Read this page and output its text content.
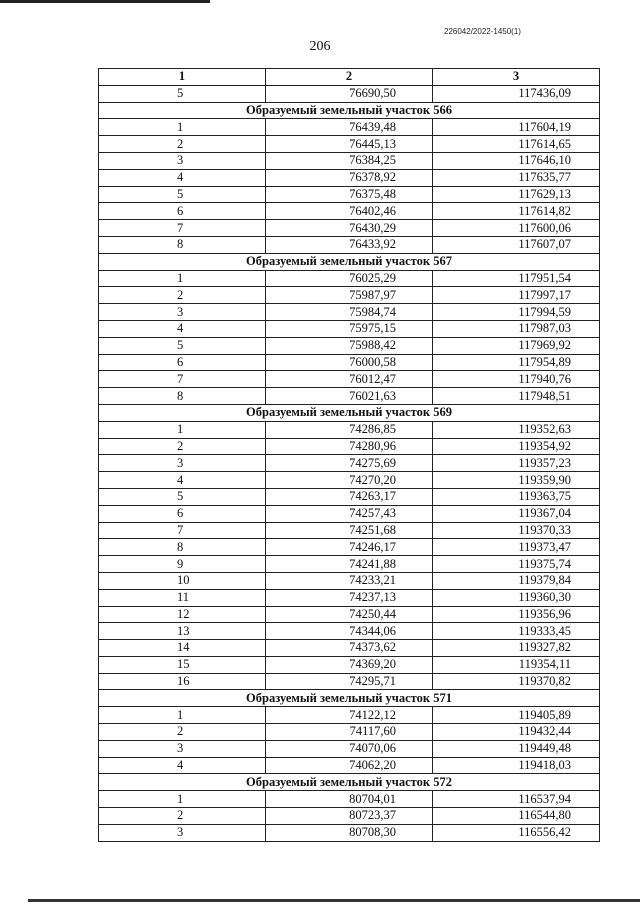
226042/2022-1450(1)
206
1	2	3
5	76690,50	117436,09
Образуемый земельный участок 566		
1	76439,48	117604,19
2	76445,13	117614,65
3	76384,25	117646,10
4	76378,92	117635,77
5	76375,48	117629,13
6	76402,46	117614,82
7	76430,29	117600,06
8	76433,92	117607,07
Образуемый земельный участок 567		
1	76025,29	117951,54
2	75987,97	117997,17
3	75984,74	117994,59
4	75975,15	117987,03
5	75988,42	117969,92
6	76000,58	117954,89
7	76012,47	117940,76
8	76021,63	117948,51
Образуемый земельный участок 569		
1	74286,85	119352,63
2	74280,96	119354,92
3	74275,69	119357,23
4	74270,20	119359,90
5	74263,17	119363,75
6	74257,43	119367,04
7	74251,68	119370,33
8	74246,17	119373,47
9	74241,88	119375,74
10	74233,21	119379,84
11	74237,13	119360,30
12	74250,44	119356,96
13	74344,06	119333,45
14	74373,62	119327,82
15	74369,20	119354,11
16	74295,71	119370,82
Образуемый земельный участок 571		
1	74122,12	119405,89
2	74117,60	119432,44
3	74070,06	119449,48
4	74062,20	119418,03
Образуемый земельный участок 572		
1	80704,01	116537,94
2	80723,37	116544,80
3	80708,30	116556,42
